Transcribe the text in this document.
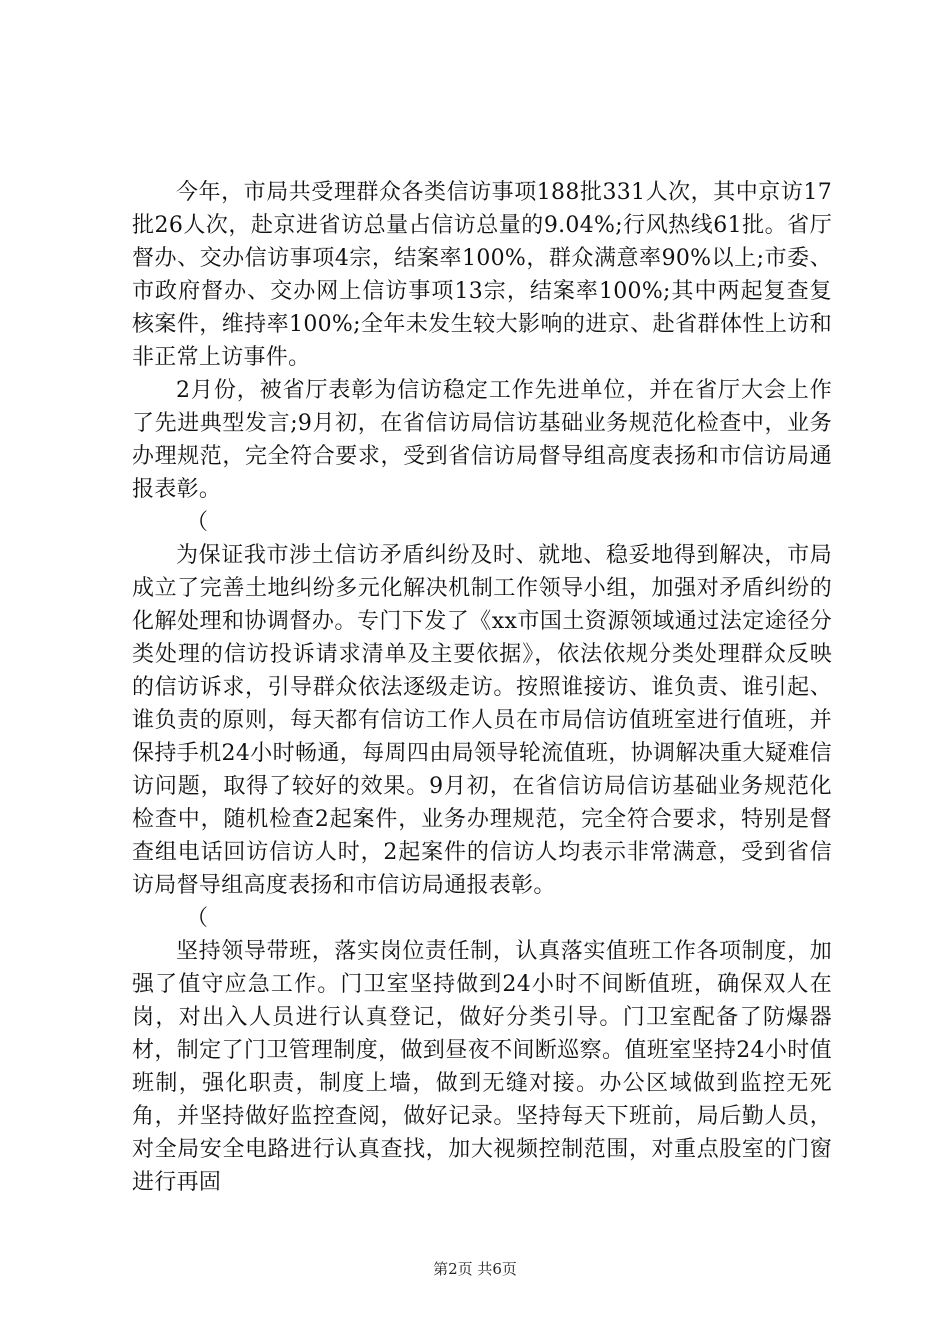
今年，市局共受理群众各类信访事项188批331人次，其中京访17批26人次，赴京进省访总量占信访总量的9.04%;行风热线61批。省厅督办、交办信访事项4宗，结案率100%，群众满意率90%以上;市委、市政府督办、交办网上信访事项13宗，结案率100%;其中两起复查复核案件，维持率100%;全年未发生较大影响的进京、赴省群体性上访和非正常上访事件。

2月份，被省厅表彰为信访稳定工作先进单位，并在省厅大会上作了先进典型发言;9月初，在省信访局信访基础业务规范化检查中，业务办理规范，完全符合要求，受到省信访局督导组高度表扬和市信访局通报表彰。

（

为保证我市涉土信访矛盾纠纷及时、就地、稳妥地得到解决，市局成立了完善土地纠纷多元化解决机制工作领导小组，加强对矛盾纠纷的化解处理和协调督办。专门下发了《xx市国土资源领域通过法定途径分类处理的信访投诉请求清单及主要依据》，依法依规分类处理群众反映的信访诉求，引导群众依法逐级走访。按照谁接访、谁负责、谁引起、谁负责的原则，每天都有信访工作人员在市局信访值班室进行值班，并保持手机24小时畅通，每周四由局领导轮流值班，协调解决重大疑难信访问题，取得了较好的效果。9月初，在省信访局信访基础业务规范化检查中，随机检查2起案件，业务办理规范，完全符合要求，特别是督查组电话回访信访人时，2起案件的信访人均表示非常满意，受到省信访局督导组高度表扬和市信访局通报表彰。

（

坚持领导带班，落实岗位责任制，认真落实值班工作各项制度，加强了值守应急工作。门卫室坚持做到24小时不间断值班，确保双人在岗，对出入人员进行认真登记，做好分类引导。门卫室配备了防爆器材，制定了门卫管理制度，做到昼夜不间断巡察。值班室坚持24小时值班制，强化职责，制度上墙，做到无缝对接。办公区域做到监控无死角，并坚持做好监控查阅，做好记录。坚持每天下班前，局后勤人员，对全局安全电路进行认真查找，加大视频控制范围，对重点股室的门窗进行再固

第2页 共6页
